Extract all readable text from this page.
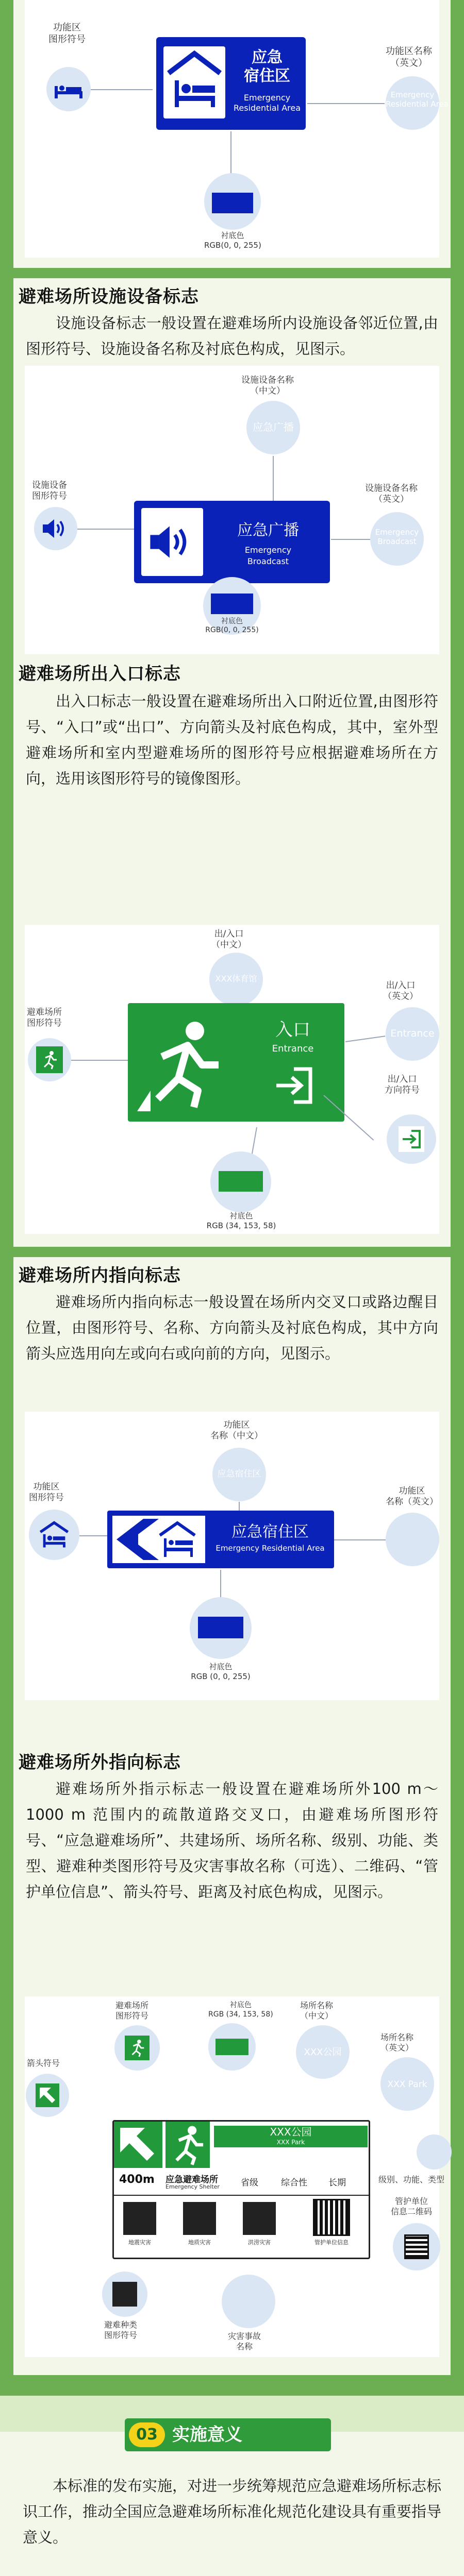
功能区
图形符号
应急
宿住区
Emergency
Residential Area
功能区名称
（英文）
Emergency
Residential Area
衬底色
RGB(0, 0, 255)
避难场所设施设备标志
设施设备标志一般设置在避难场所内设施设备邻近位置,由图形符号、设施设备名称及衬底色构成，见图示。
设施设备名称
（中文）
应急广播
设施设备
图形符号
应急广播
Emergency
Broadcast
设施设备名称
（英文）
Emergency
Broadcast
衬底色
RGB(0, 0, 255)
避难场所出入口标志
出入口标志一般设置在避难场所出入口附近位置,由图形符号、“入口”或“出口”、方向箭头及衬底色构成，其中，室外型避难场所和室内型避难场所的图形符号应根据避难场所在方向，选用该图形符号的镜像图形。
出/入口
（中文）
XXX体育馆
避难场所
图形符号	入口
Entrance
出/入口
（英文）
Entrance
出/入口
方向符号
衬底色
RGB (34, 153, 58)
避难场所内指向标志
避难场所内指向标志一般设置在场所内交叉口或路边醒目位置，由图形符号、名称、方向箭头及衬底色构成，其中方向箭头应选用向左或向右或向前的方向，见图示。
功能区
名称（中文）
应急宿住区
功能区
图形符号
应急宿住区
Emergency Residential Area
功能区
名称（英文）
衬底色
RGB (0, 0, 255)
避难场所外指向标志
避难场所外指示标志一般设置在避难场所外100 m～1000 m 范围内的疏散道路交叉口，由避难场所图形符号、“应急避难场所”、共建场所、场所名称、级别、功能、类型、避难种类图形符号及灾害事故名称（可选）、二维码、“管护单位信息”、箭头符号、距离及衬底色构成，见图示。
避难场所
图形符号
衬底色
RGB (34, 153, 58)
场所名称
（中文）
XXX公园
场所名称
（英文）
XXX Park
箭头符号
XXX公园
XXX Park
400m 应急避难场所
Emergency Shelter 省级	综合性 长期
地震灾害	地质灾害	洪涝灾害	管护单位信息
级别、功能、类型
管护单位
信息二维码
避难种类
图形符号	灾害事故
名称
03 实施意义
本标准的发布实施，对进一步统筹规范应急避难场所标志标识工作，推动全国应急避难场所标准化规范化建设具有重要指导意义。
